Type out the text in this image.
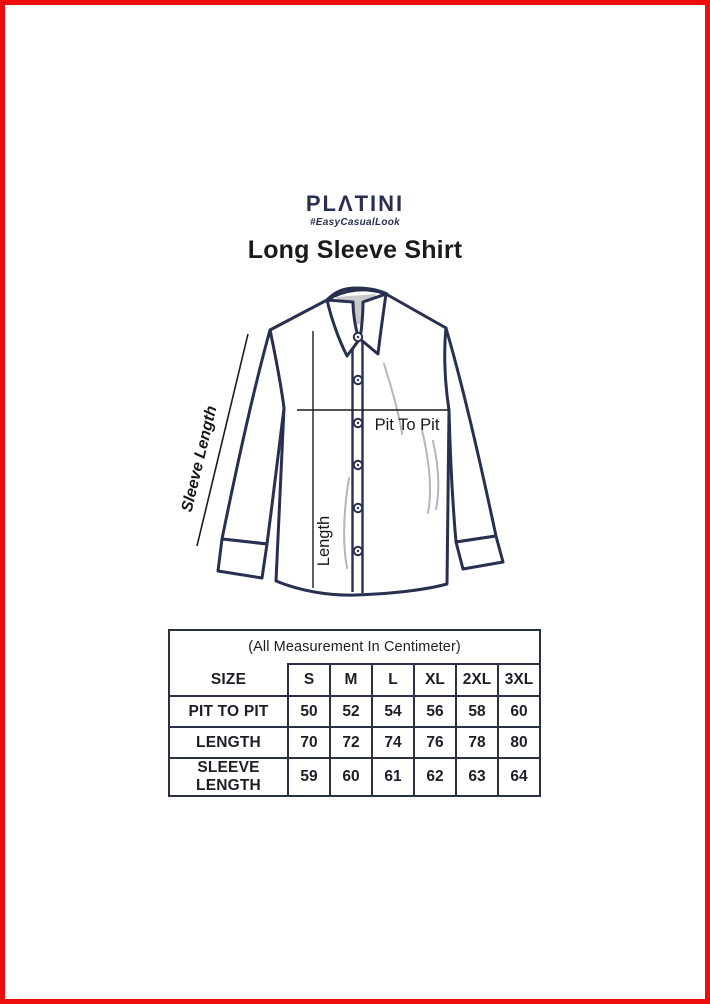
PLΛTINI
#EasyCasualLook
Long Sleeve Shirt
Sleeve Length	Pit To Pit
Length
(All Measurement In Centimeter)
SIZE	S	M	L	XL	2XL	3XL
PIT TO PIT	50	52	54	56	58	60
LENGTH	70	72	74	76	78	80
SLEEVE LENGTH	59	60	61	62	63	64
